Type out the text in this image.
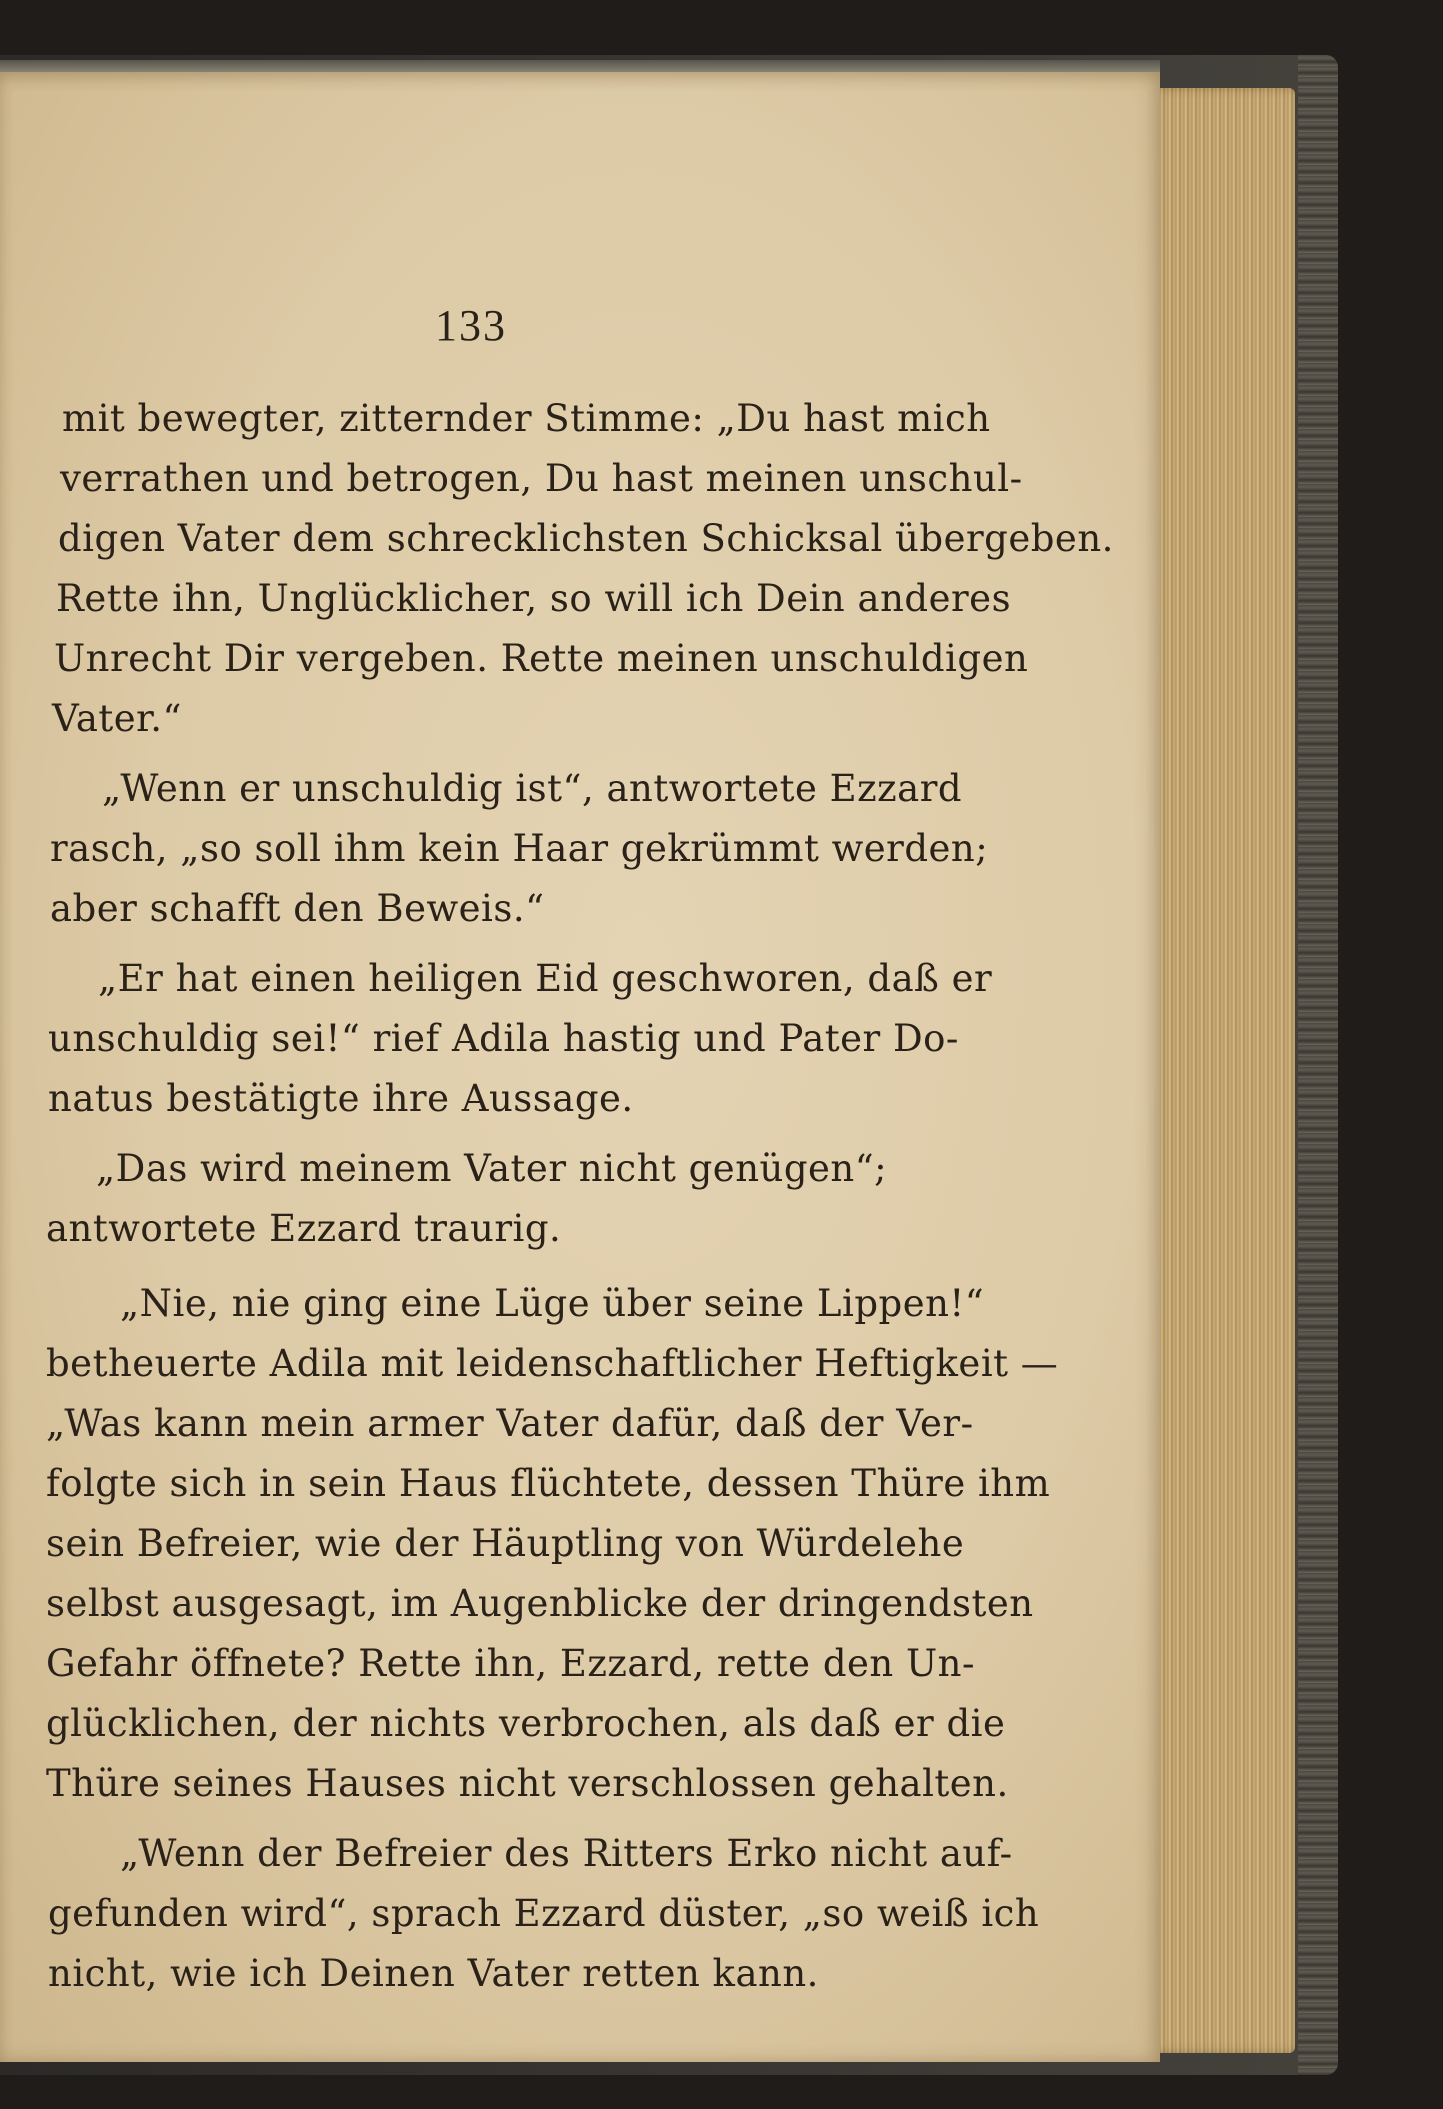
133
mit bewegter, zitternder Stimme: „Du hast mich
verrathen und betrogen, Du hast meinen unschul-
digen Vater dem schrecklichsten Schicksal übergeben.
Rette ihn, Unglücklicher, so will ich Dein anderes
Unrecht Dir vergeben. Rette meinen unschuldigen
Vater.“
„Wenn er unschuldig ist“, antwortete Ezzard
rasch, „so soll ihm kein Haar gekrümmt werden;
aber schafft den Beweis.“
„Er hat einen heiligen Eid geschworen, daß er
unschuldig sei!“ rief Adila hastig und Pater Do-
natus bestätigte ihre Aussage.
„Das wird meinem Vater nicht genügen“;
antwortete Ezzard traurig.
„Nie, nie ging eine Lüge über seine Lippen!“
betheuerte Adila mit leidenschaftlicher Heftigkeit —
„Was kann mein armer Vater dafür, daß der Ver-
folgte sich in sein Haus flüchtete, dessen Thüre ihm
sein Befreier, wie der Häuptling von Würdelehe
selbst ausgesagt, im Augenblicke der dringendsten
Gefahr öffnete? Rette ihn, Ezzard, rette den Un-
glücklichen, der nichts verbrochen, als daß er die
Thüre seines Hauses nicht verschlossen gehalten.
„Wenn der Befreier des Ritters Erko nicht auf-
gefunden wird“, sprach Ezzard düster, „so weiß ich
nicht, wie ich Deinen Vater retten kann.
